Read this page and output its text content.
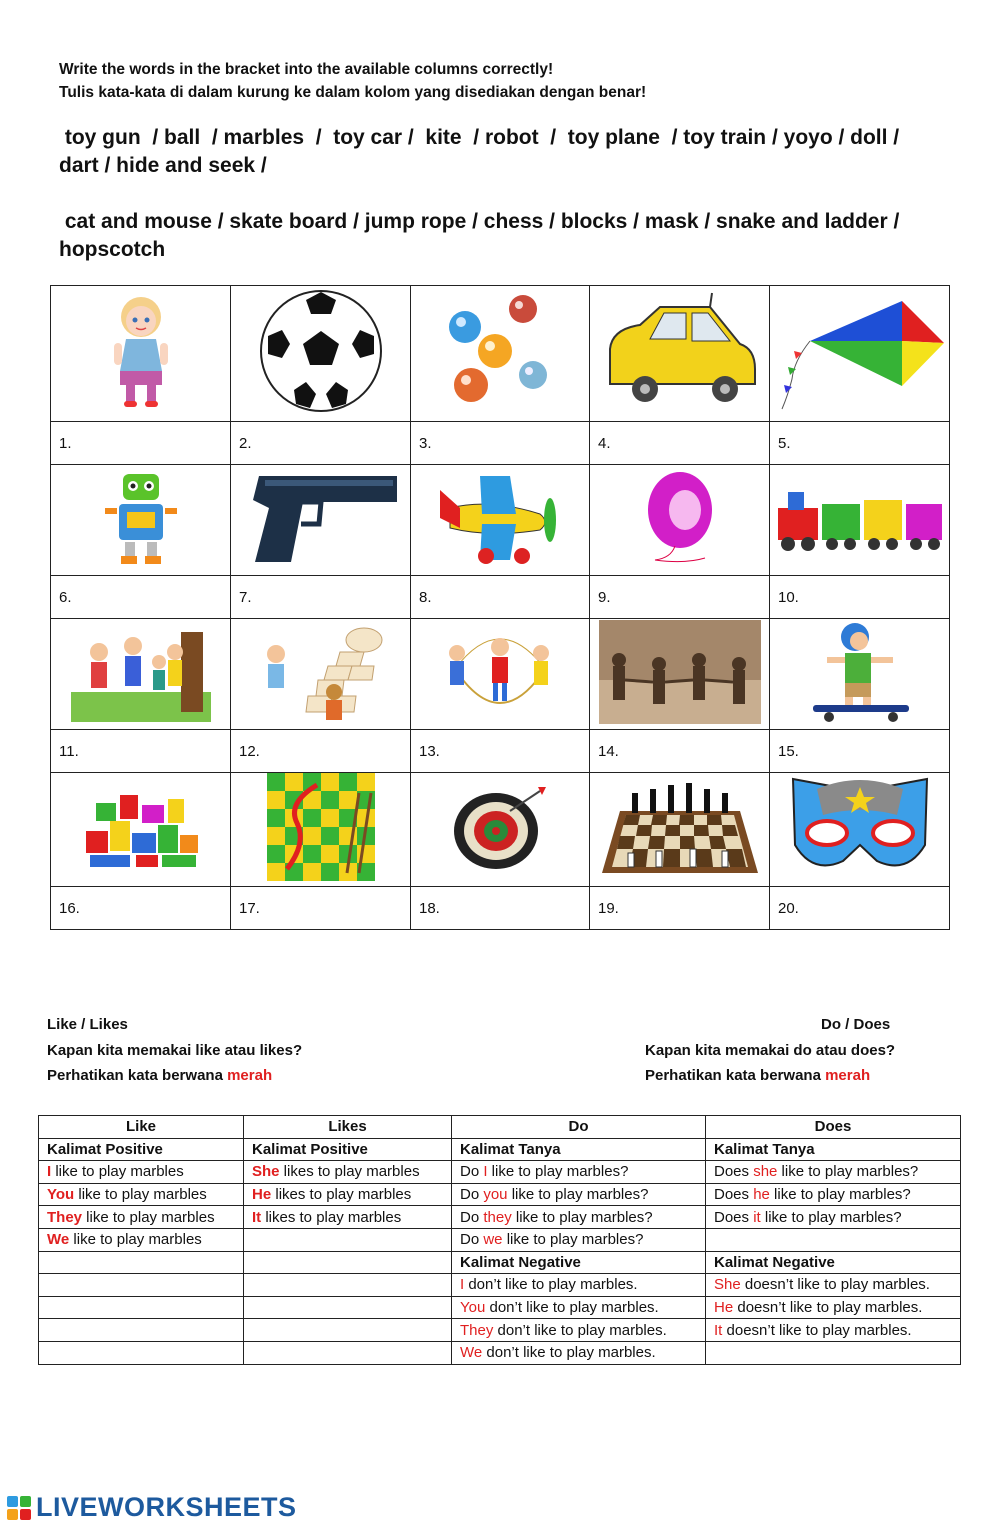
Write the words in the bracket into the available columns correctly!
Tulis kata-kata di dalam kurung ke dalam kolom yang disediakan dengan benar!
toy gun  / ball  / marbles  /  toy car /  kite  / robot  /  toy plane  / toy train / yoyo / doll /
dart / hide and seek /
cat and mouse / skate board / jump rope / chess / blocks / mask / snake and ladder /
hopscotch

1.	2.	3.	4.	5.

6.	7.	8.	9.	10.

11.	12.	13.	14.	15.

16.	17.	18.	19.	20.
Like / Likes
Kapan kita memakai like atau likes?
Perhatikan kata berwana merah
Do / Does
Kapan kita memakai do atau does?
Perhatikan kata berwana merah
Like	Likes	Do	Does
Kalimat Positive	Kalimat Positive	Kalimat Tanya	Kalimat Tanya
I like to play marbles	She likes to play marbles	Do I like to play marbles?	Does she like to play marbles?
You like to play marbles	He likes to play marbles	Do you like to play marbles?	Does he like to play marbles?
They like to play marbles	It likes to play marbles	Do they like to play marbles?	Does it like to play marbles?
We like to play marbles		Do we like to play marbles?	
		Kalimat Negative	Kalimat Negative
		I don’t like to play marbles.	She doesn’t like to play marbles.
		You don’t like to play marbles.	He doesn’t like to play marbles.
		They don’t like to play marbles.	It doesn’t like to play marbles.
		We don’t like to play marbles.	
LIVEWORKSHEETS
